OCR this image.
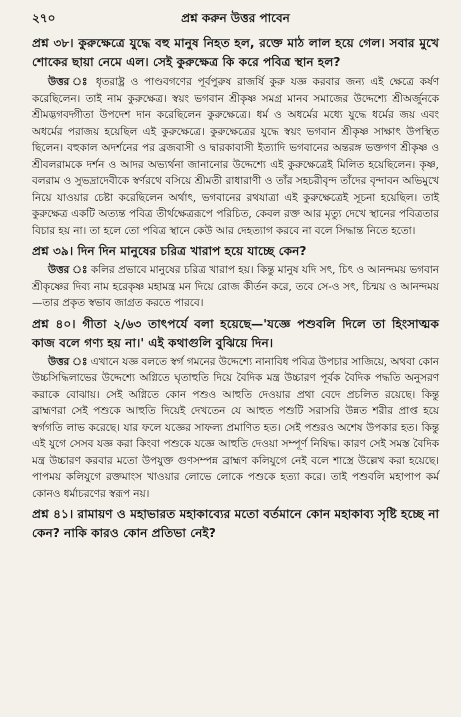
২৭০	প্রশ্ন করুন উত্তর পাবেন

প্রশ্ন ৩৮। কুরুক্ষেত্রে যুদ্ধে বহু মানুষ নিহত হল, রক্তে মাঠ লাল হয়ে গেল। সবার মুখে শোকের ছায়া নেমে এল। সেই কুরুক্ষেত্র কি করে পবিত্র স্থান হল?

উত্তর ঃ ধৃতরাষ্ট্র ও পাণ্ডবগণের পূর্বপুরুষ রাজর্ষি কুরু যজ্ঞ করবার জন্য এই ক্ষেত্রে কর্ষণ করেছিলেন। তাই নাম কুরুক্ষেত্র। স্বয়ং ভগবান শ্রীকৃষ্ণ সমগ্র মানব সমাজের উদ্দেশ্যে শ্রীঅর্জুনকে শ্রীমদ্ভগবদ্গীতা উপদেশ দান করেছিলেন কুরুক্ষেত্রে। ধর্ম ও অধর্মের মধ্যে যুদ্ধে ধর্মের জয় এবং অধর্মের পরাজয় হয়েছিল এই কুরুক্ষেত্রে। কুরুক্ষেত্রের যুদ্ধে স্বয়ং ভগবান শ্রীকৃষ্ণ সাক্ষাৎ উপস্থিত ছিলেন। বহুকাল অদর্শনের পর ব্রজবাসী ও দ্বারকাবাসী ইত্যাদি ভগবানের অন্তরঙ্গ ভক্তগণ শ্রীকৃষ্ণ ও শ্রীবলরামকে দর্শন ও আদর অভ্যর্থনা জানানোর উদ্দেশ্যে এই কুরুক্ষেত্রেই মিলিত হয়েছিলেন। কৃষ্ণ, বলরাম ও সুভদ্রাদেবীকে স্বর্ণরথে বসিয়ে শ্রীমতী রাধারাণী ও তাঁর সহচরীবৃন্দ তাঁদের বৃন্দাবন অভিমুখে নিয়ে যাওয়ার চেষ্টা করেছিলেন অর্থাৎ, ভগবানের রথযাত্রা এই কুরুক্ষেত্রেই সূচনা হয়েছিল। তাই কুরুক্ষেত্র একটি অত্যন্ত পবিত্র তীর্থক্ষেত্ররূপে পরিচিত, কেবল রক্ত আর মৃত্যু দেখে স্থানের পবিত্রতার বিচার হয় না। তা হলে তো পবিত্র স্থানে কেউ আর দেহত্যাগ করবে না বলে সিদ্ধান্ত নিতে হতো।

প্রশ্ন ৩৯। দিন দিন মানুষের চরিত্র খারাপ হয়ে যাচ্ছে কেন?

উত্তর ঃ কলির প্রভাবে মানুষের চরিত্র খারাপ হয়। কিন্তু মানুষ যদি সৎ, চিৎ ও আনন্দময় ভগবান শ্রীকৃষ্ণের দিব্য নাম হরেকৃষ্ণ মহামন্ত্র মন দিয়ে রোজ কীর্তন করে, তবে সে-ও সৎ, চিন্ময় ও আনন্দময়—তার প্রকৃত স্বভাব জাগ্রত করতে পারবে।

প্রশ্ন ৪০। গীতা ২/৬৩ তাৎপর্যে বলা হয়েছে—'যজ্ঞে পশুবলি দিলে তা হিংসাত্মক কাজ বলে গণ্য হয় না।' এই কথাগুলি বুঝিয়ে দিন।

উত্তর ঃ এখানে যজ্ঞ বলতে স্বর্গ গমনের উদ্দেশ্যে নানাবিধ পবিত্র উপচার সাজিয়ে, অথবা কোন উচ্চসিদ্ধিলাভের উদ্দেশ্যে অগ্নিতে ঘৃতাহুতি দিয়ে বৈদিক মন্ত্র উচ্চারণ পূর্বক বৈদিক পদ্ধতি অনুসরণ করাকে বোঝায়। সেই অগ্নিতে কোন পশুও আহুতি দেওয়ার প্রথা বেদে প্রচলিত রয়েছে। কিন্তু ব্রাহ্মণরা সেই পশুকে আহুতি দিয়েই দেখতেন যে আহুত পশুটি সরাসরি উন্নত শরীর প্রাপ্ত হয়ে স্বর্গগতি লাভ করেছে। যার ফলে যজ্ঞের সাফল্য প্রমাণিত হত। সেই পশুরও অশেষ উপকার হত। কিন্তু এই যুগে সেসব যজ্ঞ করা কিংবা পশুকে যজ্ঞে আহুতি দেওয়া সম্পূর্ণ নিষিদ্ধ। কারণ সেই সমস্ত বৈদিক মন্ত্র উচ্চারণ করবার মতো উপযুক্ত গুণসম্পন্ন ব্রাহ্মণ কলিযুগে নেই বলে শাস্ত্রে উল্লেখ করা হয়েছে। পাপময় কলিযুগে রক্তমাংস খাওয়ার লোভে লোকে পশুকে হত্যা করে। তাই পশুবলি মহাপাপ কর্ম কোনও ধর্মাচরণের স্বরূপ নয়।

প্রশ্ন ৪১। রামায়ণ ও মহাভারত মহাকাব্যের মতো বর্তমানে কোন মহাকাব্য সৃষ্টি হচ্ছে না কেন? নাকি কারও কোন প্রতিভা নেই?
